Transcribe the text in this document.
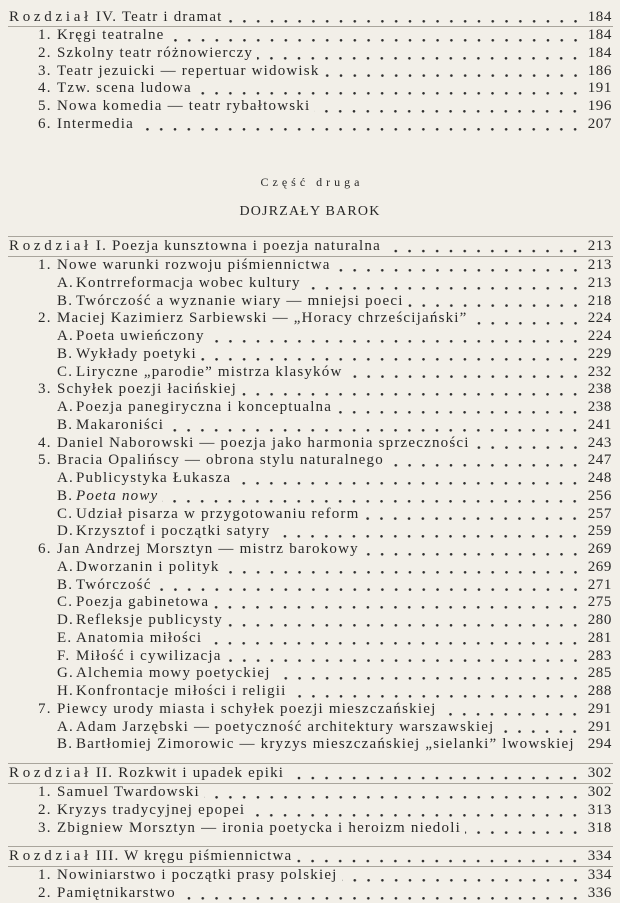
Rozdział IV. Teatr i dramat	184
1. Kręgi teatralne	184
2. Szkolny teatr różnowierczy	184
3. Teatr jezuicki — repertuar widowisk	186
4. Tzw. scena ludowa	191
5. Nowa komedia — teatr rybałtowski	196
6. Intermedia	207
Część druga
DOJRZAŁY BAROK
Rozdział I. Poezja kunsztowna i poezja naturalna	213
1. Nowe warunki rozwoju piśmiennictwa	213
A. Kontrreformacja wobec kultury	213
B. Twórczość a wyznanie wiary — mniejsi poeci	218
2. Maciej Kazimierz Sarbiewski — „Horacy chrześcijański”	224
A. Poeta uwieńczony	224
B. Wykłady poetyki	229
C. Liryczne „parodie” mistrza klasyków	232
3. Schyłek poezji łacińskiej	238
A. Poezja panegiryczna i konceptualna	238
B. Makaroniści	241
4. Daniel Naborowski — poezja jako harmonia sprzeczności	243
5. Bracia Opalińscy — obrona stylu naturalnego	247
A. Publicystyka Łukasza	248
B. Poeta nowy	256
C. Udział pisarza w przygotowaniu reform	257
D. Krzysztof i początki satyry	259
6. Jan Andrzej Morsztyn — mistrz barokowy	269
A. Dworzanin i polityk	269
B. Twórczość	271
C. Poezja gabinetowa	275
D. Refleksje publicysty	280
E. Anatomia miłości	281
F. Miłość i cywilizacja	283
G. Alchemia mowy poetyckiej	285
H. Konfrontacje miłości i religii	288
7. Piewcy urody miasta i schyłek poezji mieszczańskiej	291
A. Adam Jarzębski — poetyczność architektury warszawskiej	291
B. Bartłomiej Zimorowic — kryzys mieszczańskiej „sielanki” lwowskiej 294
Rozdział II. Rozkwit i upadek epiki	302
1. Samuel Twardowski	302
2. Kryzys tradycyjnej epopei	313
3. Zbigniew Morsztyn — ironia poetycka i heroizm niedoli	318
Rozdział III. W kręgu piśmiennictwa	334
1. Nowiniarstwo i początki prasy polskiej	334
2. Pamiętnikarstwo	336
